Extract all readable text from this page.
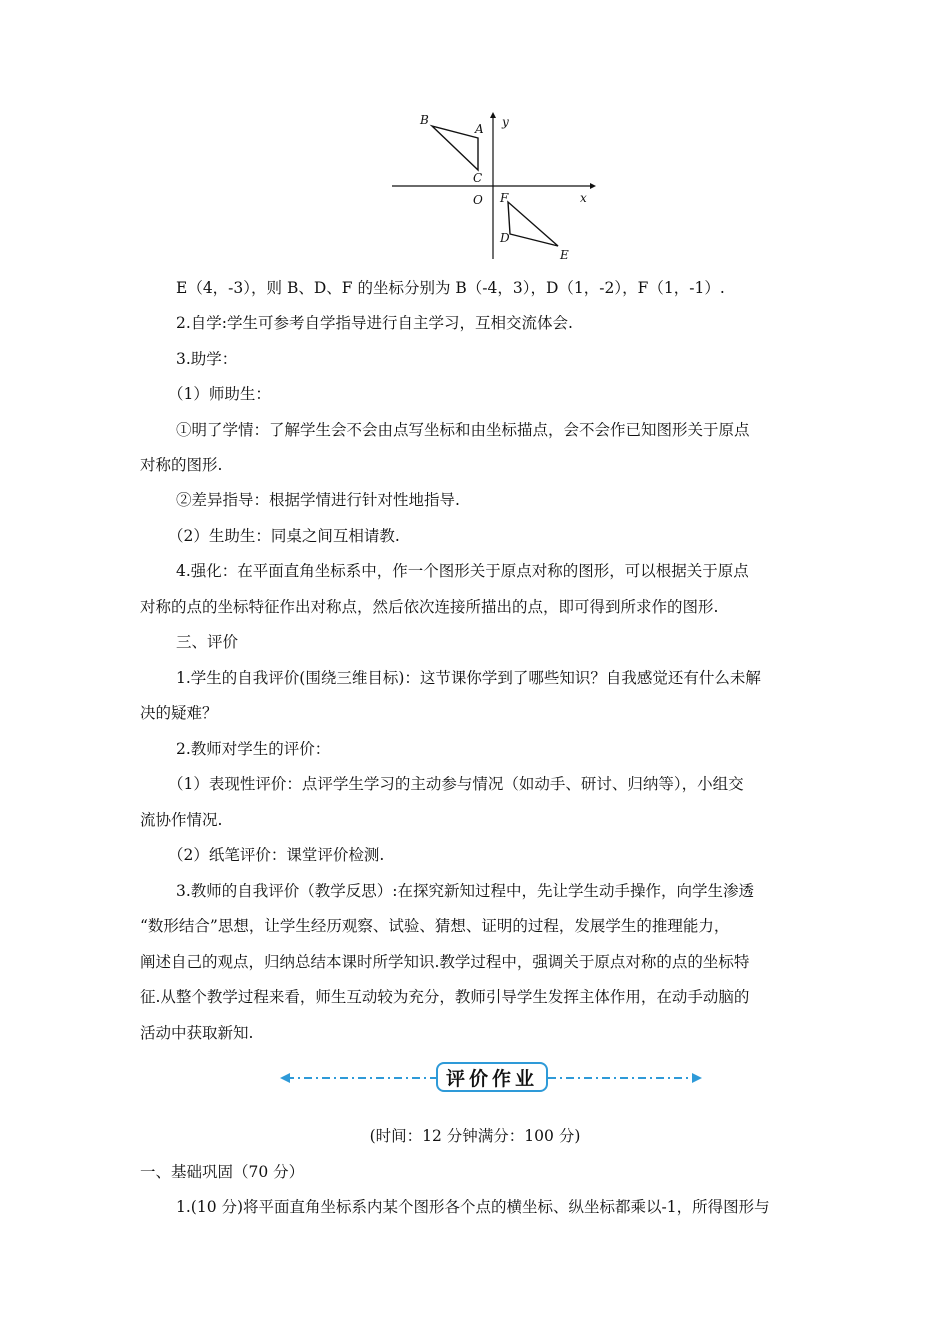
B
A
C
y
O F	x
D
E
E（4，-3），则 B、D、F 的坐标分别为 B（-4，3），D（1，-2），F（1，-1）.
2.自学:学生可参考自学指导进行自主学习，互相交流体会.
3.助学：
（1）师助生：
①明了学情：了解学生会不会由点写坐标和由坐标描点，会不会作已知图形关于原点
对称的图形.
②差异指导：根据学情进行针对性地指导.
（2）生助生：同桌之间互相请教.
4.强化：在平面直角坐标系中，作一个图形关于原点对称的图形，可以根据关于原点
对称的点的坐标特征作出对称点，然后依次连接所描出的点，即可得到所求作的图形.
三、评价
1.学生的自我评价(围绕三维目标)：这节课你学到了哪些知识？自我感觉还有什么未解
决的疑难？
2.教师对学生的评价：
（1）表现性评价：点评学生学习的主动参与情况（如动手、研讨、归纳等），小组交
流协作情况.
（2）纸笔评价：课堂评价检测.
3.教师的自我评价（教学反思）:在探究新知过程中，先让学生动手操作，向学生渗透
“数形结合”思想，让学生经历观察、试验、猜想、证明的过程，发展学生的推理能力，
阐述自己的观点，归纳总结本课时所学知识.教学过程中，强调关于原点对称的点的坐标特
征.从整个教学过程来看，师生互动较为充分，教师引导学生发挥主体作用，在动手动脑的
活动中获取新知.
评价作业
(时间：12 分钟满分：100 分)
一、基础巩固（70 分）
1.(10 分)将平面直角坐标系内某个图形各个点的横坐标、纵坐标都乘以-1，所得图形与
